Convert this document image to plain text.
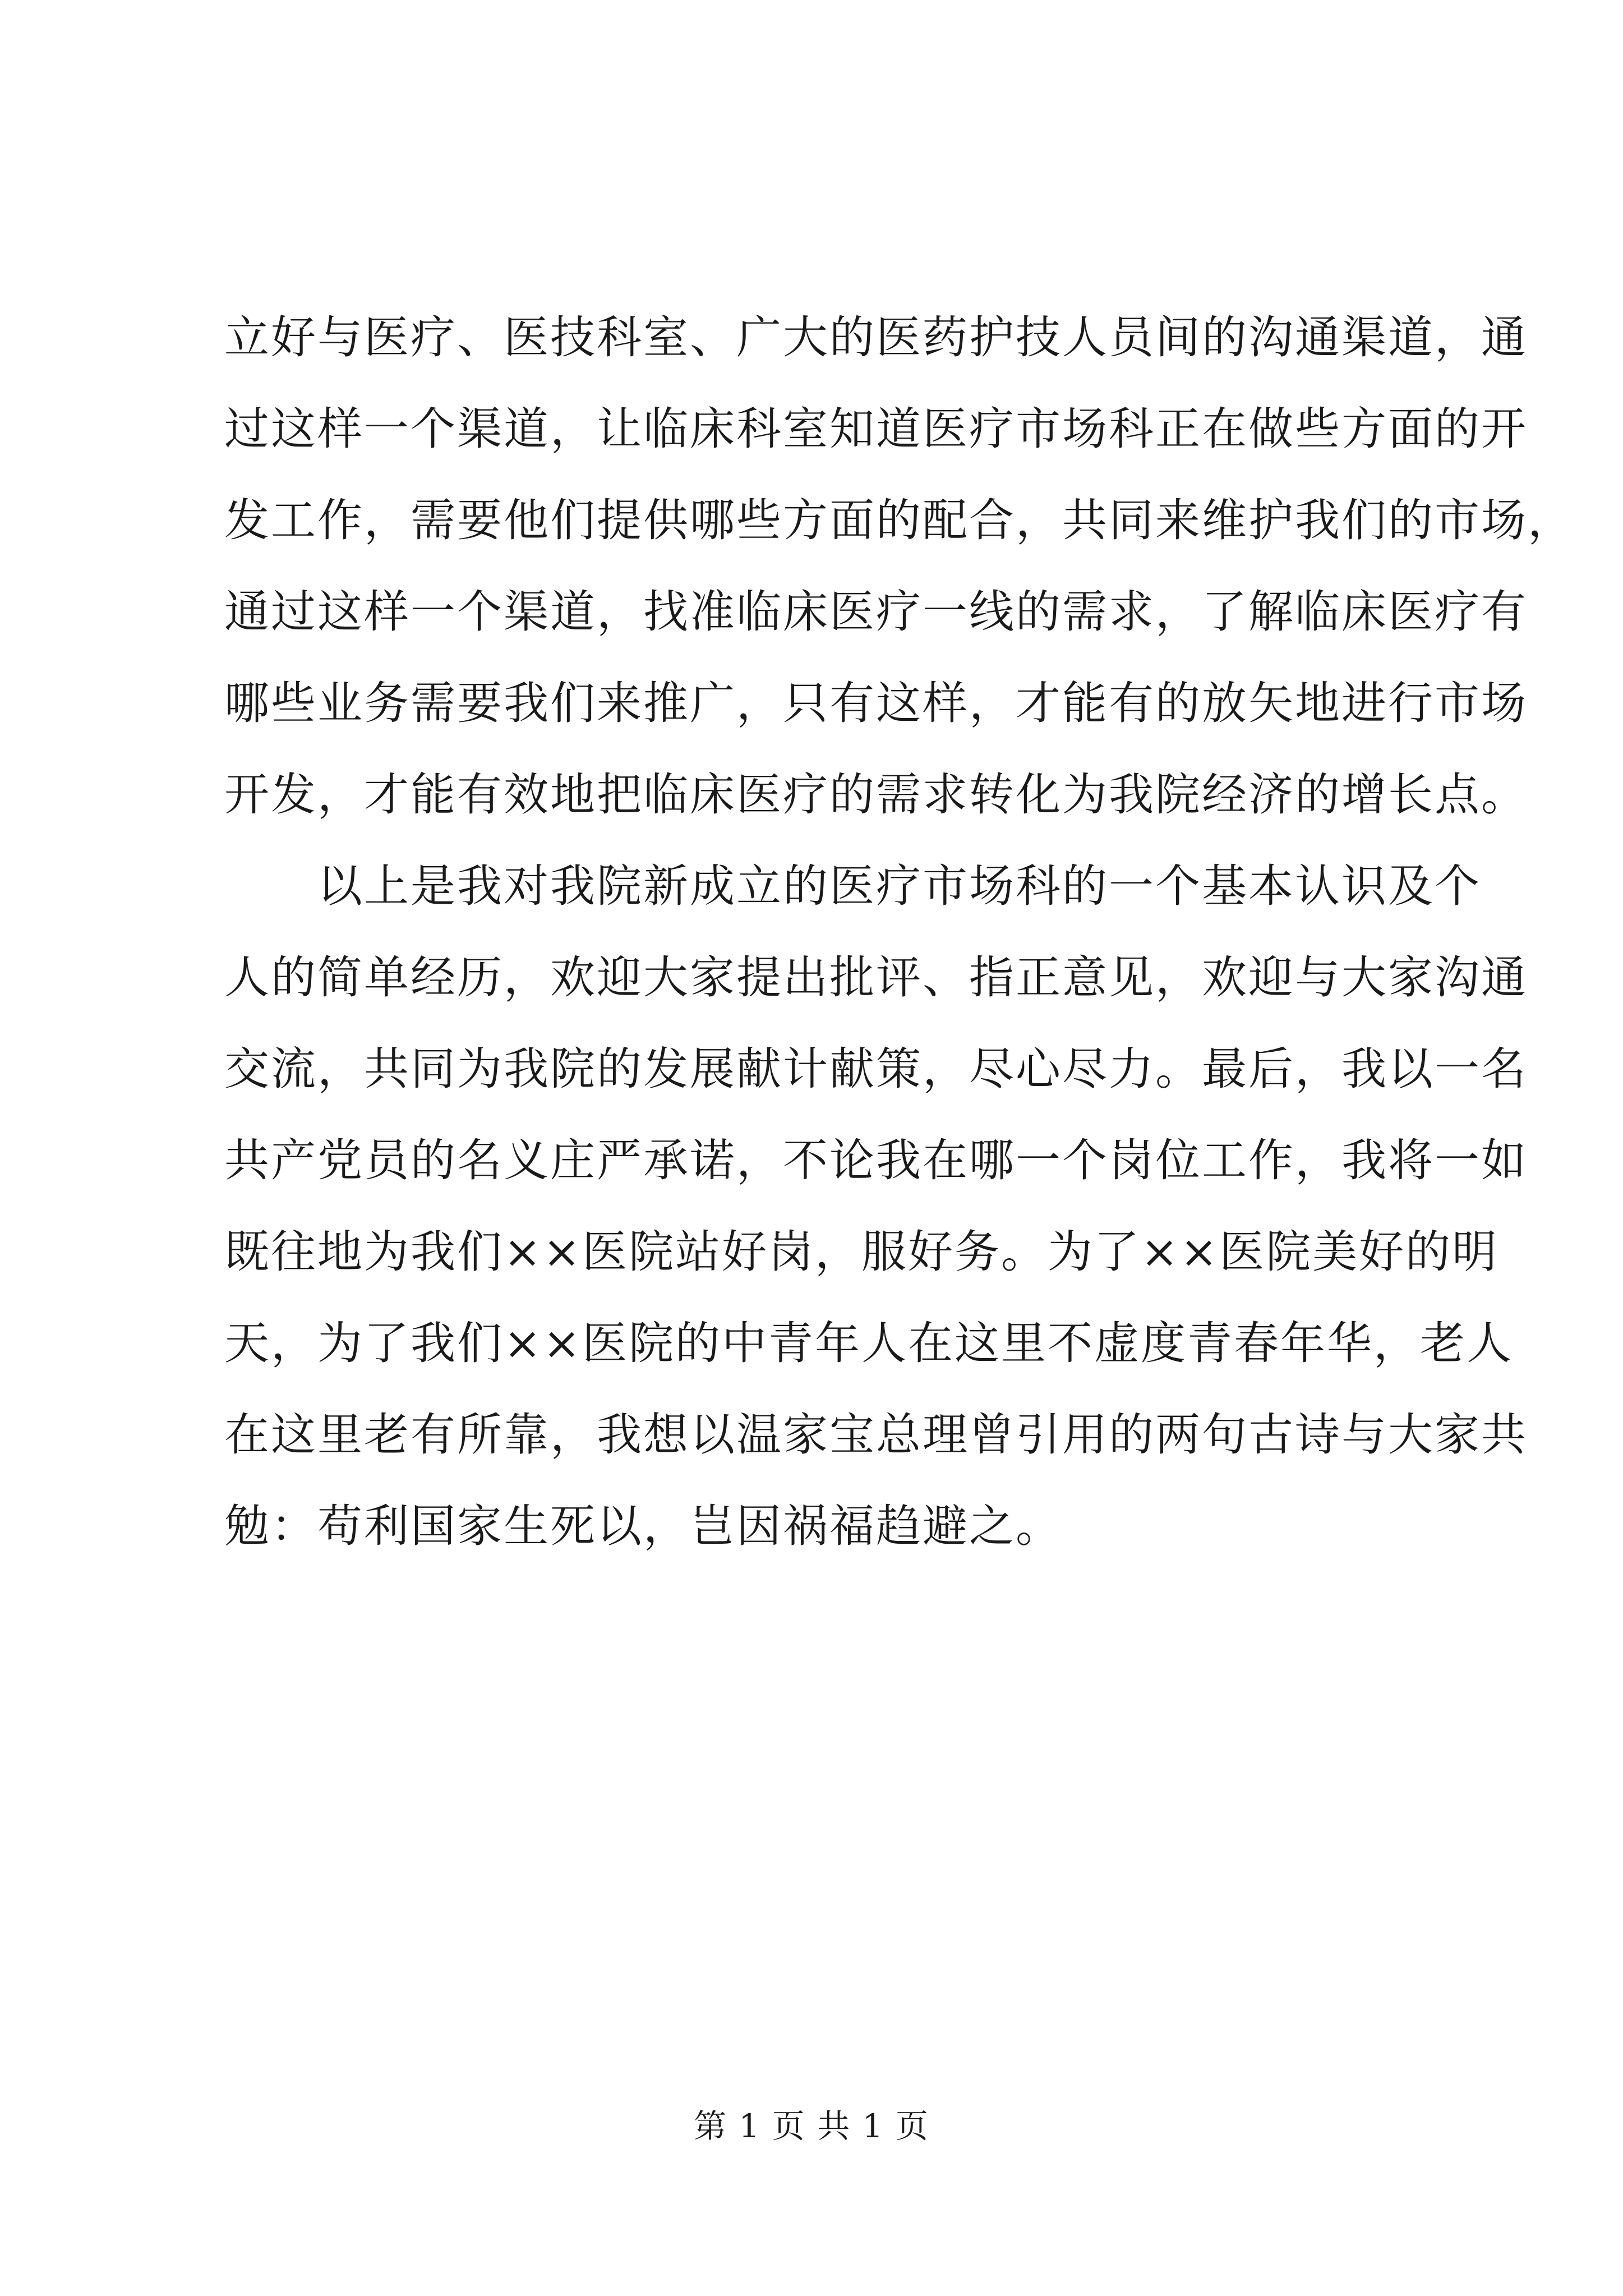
立好与医疗、医技科室、广大的医药护技人员间的沟通渠道，通
过这样一个渠道，让临床科室知道医疗市场科正在做些方面的开
发工作，需要他们提供哪些方面的配合，共同来维护我们的市场，
通过这样一个渠道，找准临床医疗一线的需求，了解临床医疗有
哪些业务需要我们来推广，只有这样，才能有的放矢地进行市场
开发，才能有效地把临床医疗的需求转化为我院经济的增长点。
　　以上是我对我院新成立的医疗市场科的一个基本认识及个
人的简单经历，欢迎大家提出批评、指正意见，欢迎与大家沟通
交流，共同为我院的发展献计献策，尽心尽力。最后，我以一名
共产党员的名义庄严承诺，不论我在哪一个岗位工作，我将一如
既往地为我们××医院站好岗，服好务。为了××医院美好的明
天，为了我们××医院的中青年人在这里不虚度青春年华，老人
在这里老有所靠，我想以温家宝总理曾引用的两句古诗与大家共
勉：苟利国家生死以，岂因祸福趋避之。
第 1 页 共 1 页
